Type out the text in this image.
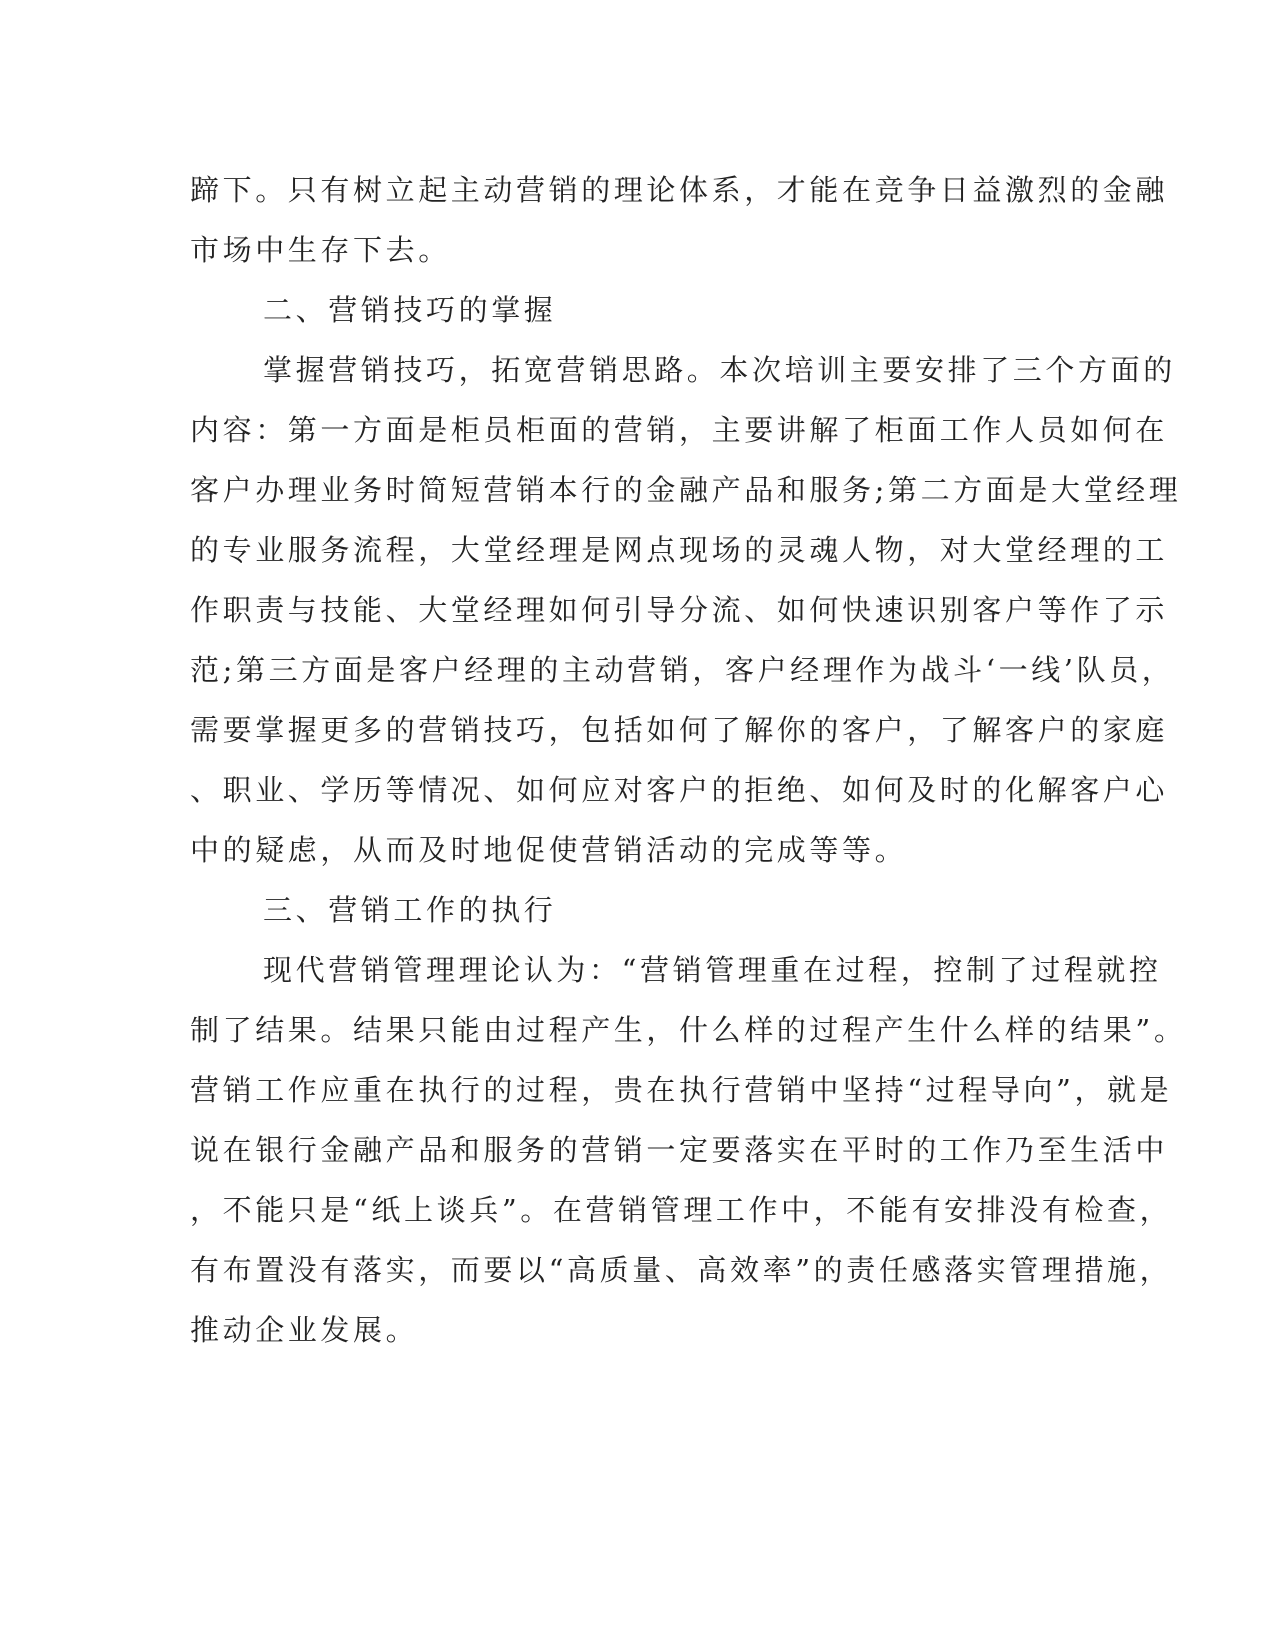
蹄下。只有树立起主动营销的理论体系，才能在竞争日益激烈的金融
市场中生存下去。
二、营销技巧的掌握
掌握营销技巧，拓宽营销思路。本次培训主要安排了三个方面的
内容：第一方面是柜员柜面的营销，主要讲解了柜面工作人员如何在
客户办理业务时简短营销本行的金融产品和服务;第二方面是大堂经理
的专业服务流程，大堂经理是网点现场的灵魂人物，对大堂经理的工
作职责与技能、大堂经理如何引导分流、如何快速识别客户等作了示
范;第三方面是客户经理的主动营销，客户经理作为战斗‘一线’队员，
需要掌握更多的营销技巧，包括如何了解你的客户，了解客户的家庭
、职业、学历等情况、如何应对客户的拒绝、如何及时的化解客户心
中的疑虑，从而及时地促使营销活动的完成等等。
三、营销工作的执行
现代营销管理理论认为：“营销管理重在过程，控制了过程就控
制了结果。结果只能由过程产生，什么样的过程产生什么样的结果”。
营销工作应重在执行的过程，贵在执行营销中坚持“过程导向”，就是
说在银行金融产品和服务的营销一定要落实在平时的工作乃至生活中
，不能只是“纸上谈兵”。在营销管理工作中，不能有安排没有检查，
有布置没有落实，而要以“高质量、高效率”的责任感落实管理措施，
推动企业发展。
